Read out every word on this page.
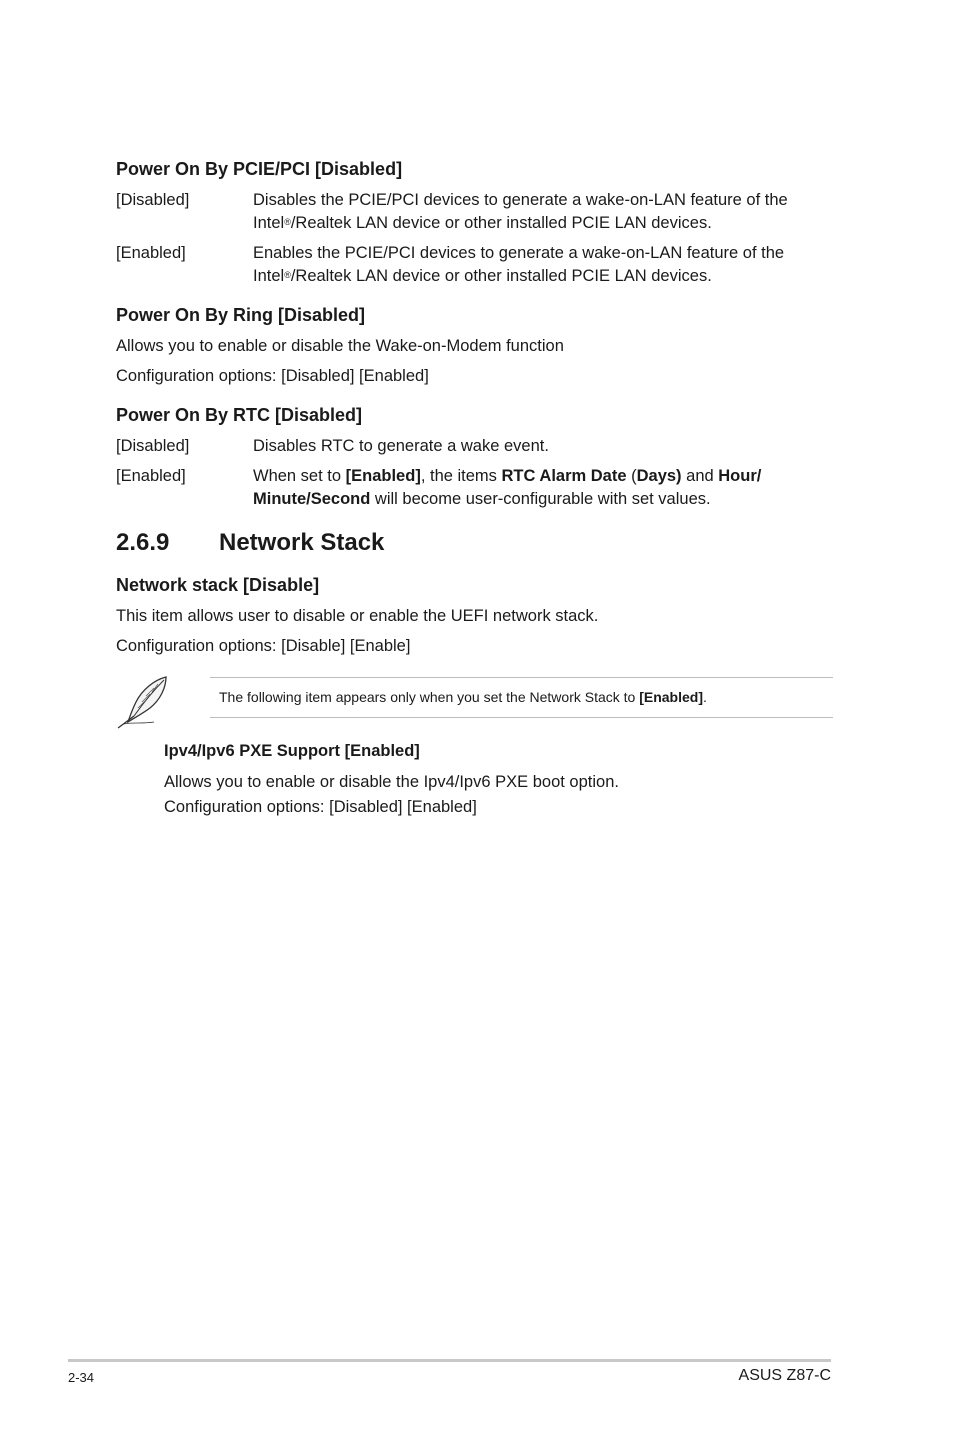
Power On By PCIE/PCI [Disabled]
[Disabled]	Disables the PCIE/PCI devices to generate a wake-on-LAN feature of the
Intel®/Realtek LAN device or other installed PCIE LAN devices.
[Enabled]	Enables the PCIE/PCI devices to generate a wake-on-LAN feature of the
Intel®/Realtek LAN device or other installed PCIE LAN devices.
Power On By Ring [Disabled]
Allows you to enable or disable the Wake-on-Modem function
Configuration options: [Disabled] [Enabled]
Power On By RTC [Disabled]
[Disabled]	Disables RTC to generate a wake event.
[Enabled]	When set to [Enabled], the items RTC Alarm Date (Days) and Hour/
Minute/Second will become user-configurable with set values.
2.6.9 Network Stack
Network stack [Disable]
This item allows user to disable or enable the UEFI network stack.
Configuration options: [Disable] [Enable]
The following item appears only when you set the Network Stack to [Enabled].
Ipv4/Ipv6 PXE Support [Enabled]
Allows you to enable or disable the Ipv4/Ipv6 PXE boot option.
Configuration options: [Disabled] [Enabled]
2-34	ASUS Z87-C
